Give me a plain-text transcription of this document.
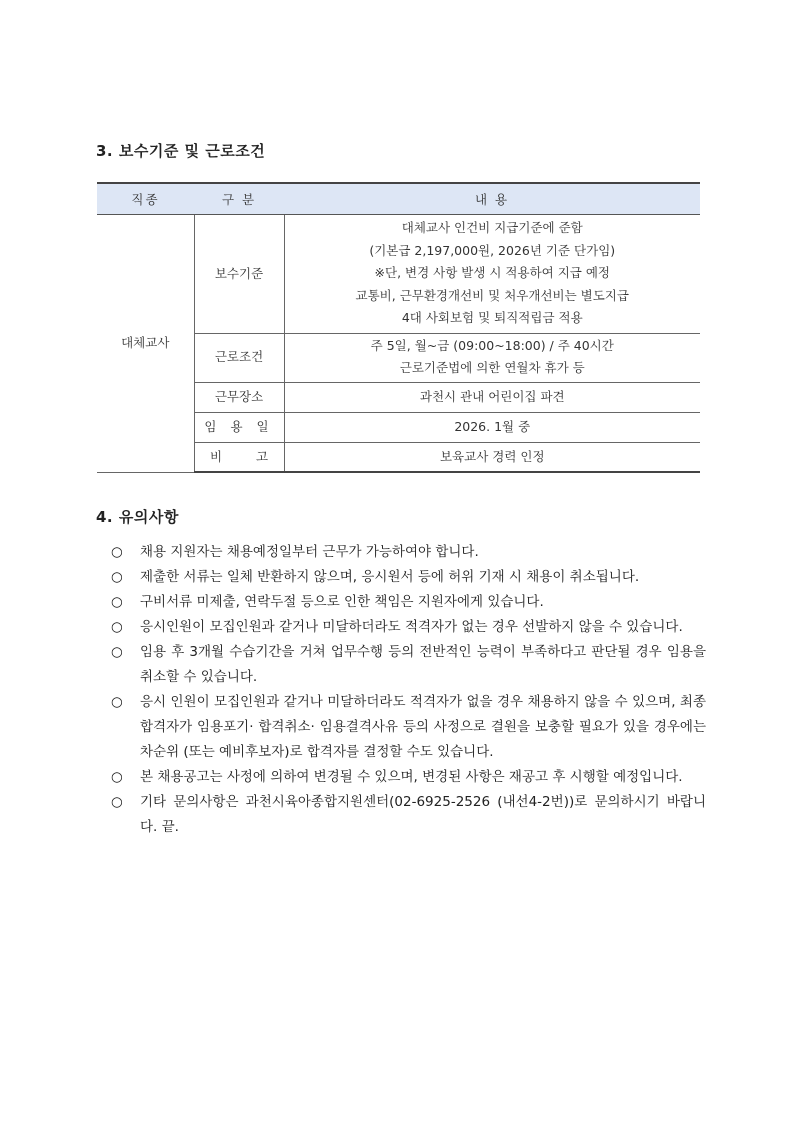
3. 보수기준 및 근로조건
직종	구 분	내 용
대체교사	보수기준	대체교사 인건비 지급기준에 준함
(기본급 2,197,000원, 2026년 기준 단가임)
※단, 변경 사항 발생 시 적용하여 지급 예정
교통비, 근무환경개선비 및 처우개선비는 별도지급
4대 사회보험 및 퇴직적립금 적용

	근로조건	주 5일, 월~금 (09:00~18:00) / 주 40시간
근로기준법에 의한 연월차 휴가 등

	근무장소	과천시 관내 어린이집 파견
	임 용 일	2026. 1월 중
	비 고	보육교사 경력 인정
4. 유의사항
○ 채용 지원자는 채용예정일부터 근무가 가능하여야 합니다.
○ 제출한 서류는 일체 반환하지 않으며, 응시원서 등에 허위 기재 시 채용이 취소됩니다.
○ 구비서류 미제출, 연락두절 등으로 인한 책임은 지원자에게 있습니다.
○ 응시인원이 모집인원과 같거나 미달하더라도 적격자가 없는 경우 선발하지 않을 수 있습니다.
○ 임용 후 3개월 수습기간을 거쳐 업무수행 등의 전반적인 능력이 부족하다고 판단될 경우 임용을 취소할 수 있습니다.
○ 응시 인원이 모집인원과 같거나 미달하더라도 적격자가 없을 경우 채용하지 않을 수 있으며, 최종합격자가 임용포기· 합격취소· 임용결격사유 등의 사정으로 결원을 보충할 필요가 있을 경우에는 차순위 (또는 예비후보자)로 합격자를 결정할 수도 있습니다.
○ 본 채용공고는 사정에 의하여 변경될 수 있으며, 변경된 사항은 재공고 후 시행할 예정입니다.
○ 기타 문의사항은 과천시육아종합지원센터(02-6925-2526 (내선4-2번))로 문의하시기 바랍니다. 끝.
